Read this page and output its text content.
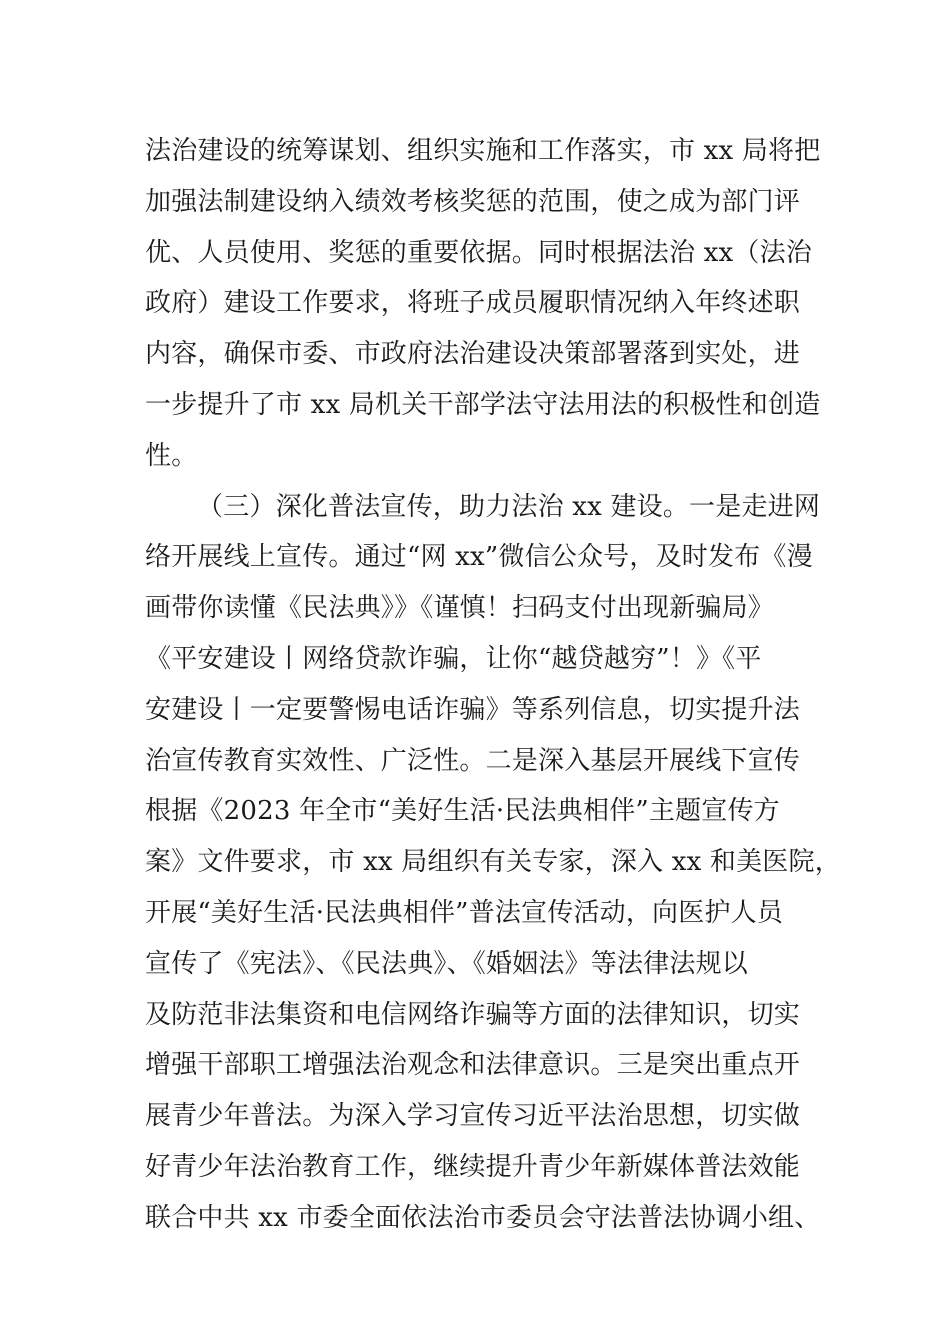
法治建设的统筹谋划、组织实施和工作落实，市 xx 局将把
加强法制建设纳入绩效考核奖惩的范围，使之成为部门评
优、人员使用、奖惩的重要依据。同时根据法治 xx（法治
政府）建设工作要求，将班子成员履职情况纳入年终述职
内容，确保市委、市政府法治建设决策部署落到实处，进
一步提升了市 xx 局机关干部学法守法用法的积极性和创造
性。
（三）深化普法宣传，助力法治 xx 建设。一是走进网
络开展线上宣传。通过“网 xx”微信公众号，及时发布《漫
画带你读懂《民法典》》《谨慎！扫码支付出现新骗局》
《平安建设丨网络贷款诈骗，让你“越贷越穷”！》《平
安建设丨一定要警惕电话诈骗》等系列信息，切实提升法
治宣传教育实效性、广泛性。二是深入基层开展线下宣传
根据《2023 年全市“美好生活·民法典相伴”主题宣传方
案》文件要求，市 xx 局组织有关专家，深入 xx 和美医院，
开展“美好生活·民法典相伴”普法宣传活动，向医护人员
宣传了《宪法》、《民法典》、《婚姻法》等法律法规以
及防范非法集资和电信网络诈骗等方面的法律知识，切实
增强干部职工增强法治观念和法律意识。三是突出重点开
展青少年普法。为深入学习宣传习近平法治思想，切实做
好青少年法治教育工作，继续提升青少年新媒体普法效能
联合中共 xx 市委全面依法治市委员会守法普法协调小组、
